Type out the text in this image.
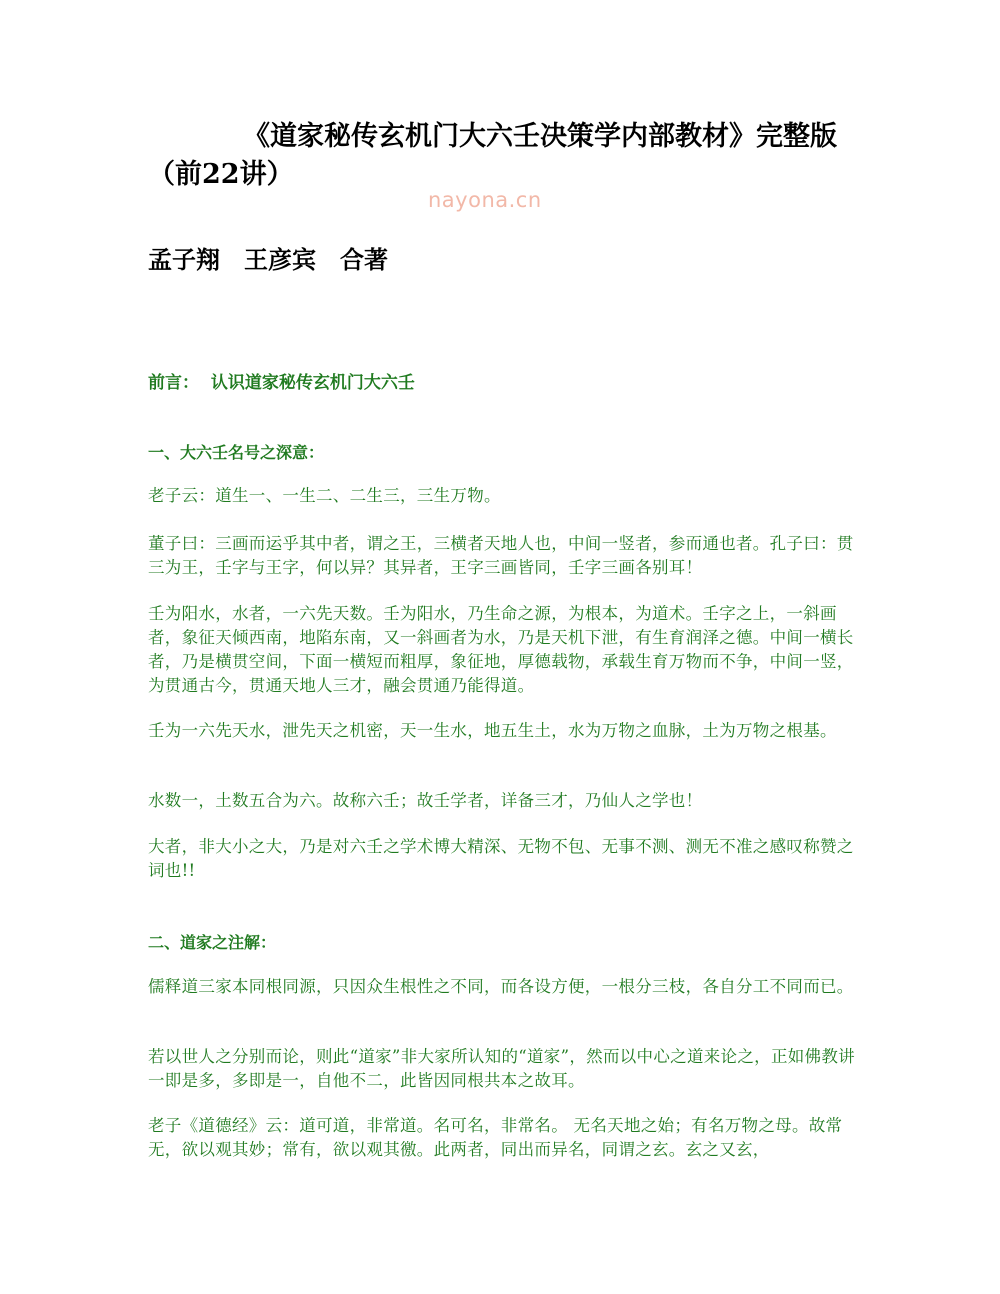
《道家秘传玄机门大六壬决策学内部教材》完整版（前22讲）
nayona.cn
孟子翔　王彦宾　合著
前言：  认识道家秘传玄机门大六壬
一、大六壬名号之深意：
老子云：道生一、一生二、二生三，三生万物。
董子曰：三画而运乎其中者，谓之王，三横者天地人也，中间一竖者，参而通也者。孔子曰：贯三为王，壬字与王字，何以异？其异者，王字三画皆同，壬字三画各别耳！
壬为阳水，水者，一六先天数。壬为阳水，乃生命之源，为根本，为道术。壬字之上，一斜画者，象征天倾西南，地陷东南，又一斜画者为水，乃是天机下泄，有生育润泽之德。中间一横长者，乃是横贯空间，下面一横短而粗厚，象征地，厚德载物，承载生育万物而不争，中间一竖，为贯通古今，贯通天地人三才，融会贯通乃能得道。
壬为一六先天水，泄先天之机密，天一生水，地五生土，水为万物之血脉，土为万物之根基。
水数一，土数五合为六。故称六壬；故壬学者，详备三才，乃仙人之学也！
大者，非大小之大，乃是对六壬之学术博大精深、无物不包、无事不测、测无不准之感叹称赞之词也!!
二、道家之注解：
儒释道三家本同根同源，只因众生根性之不同，而各设方便，一根分三枝，各自分工不同而已。
若以世人之分别而论，则此“道家”非大家所认知的“道家”，然而以中心之道来论之，正如佛教讲一即是多，多即是一，自他不二，此皆因同根共本之故耳。
老子《道德经》云：道可道，非常道。名可名，非常名。 无名天地之始；有名万物之母。故常无，欲以观其妙；常有，欲以观其徼。此两者，同出而异名，同谓之玄。玄之又玄，
